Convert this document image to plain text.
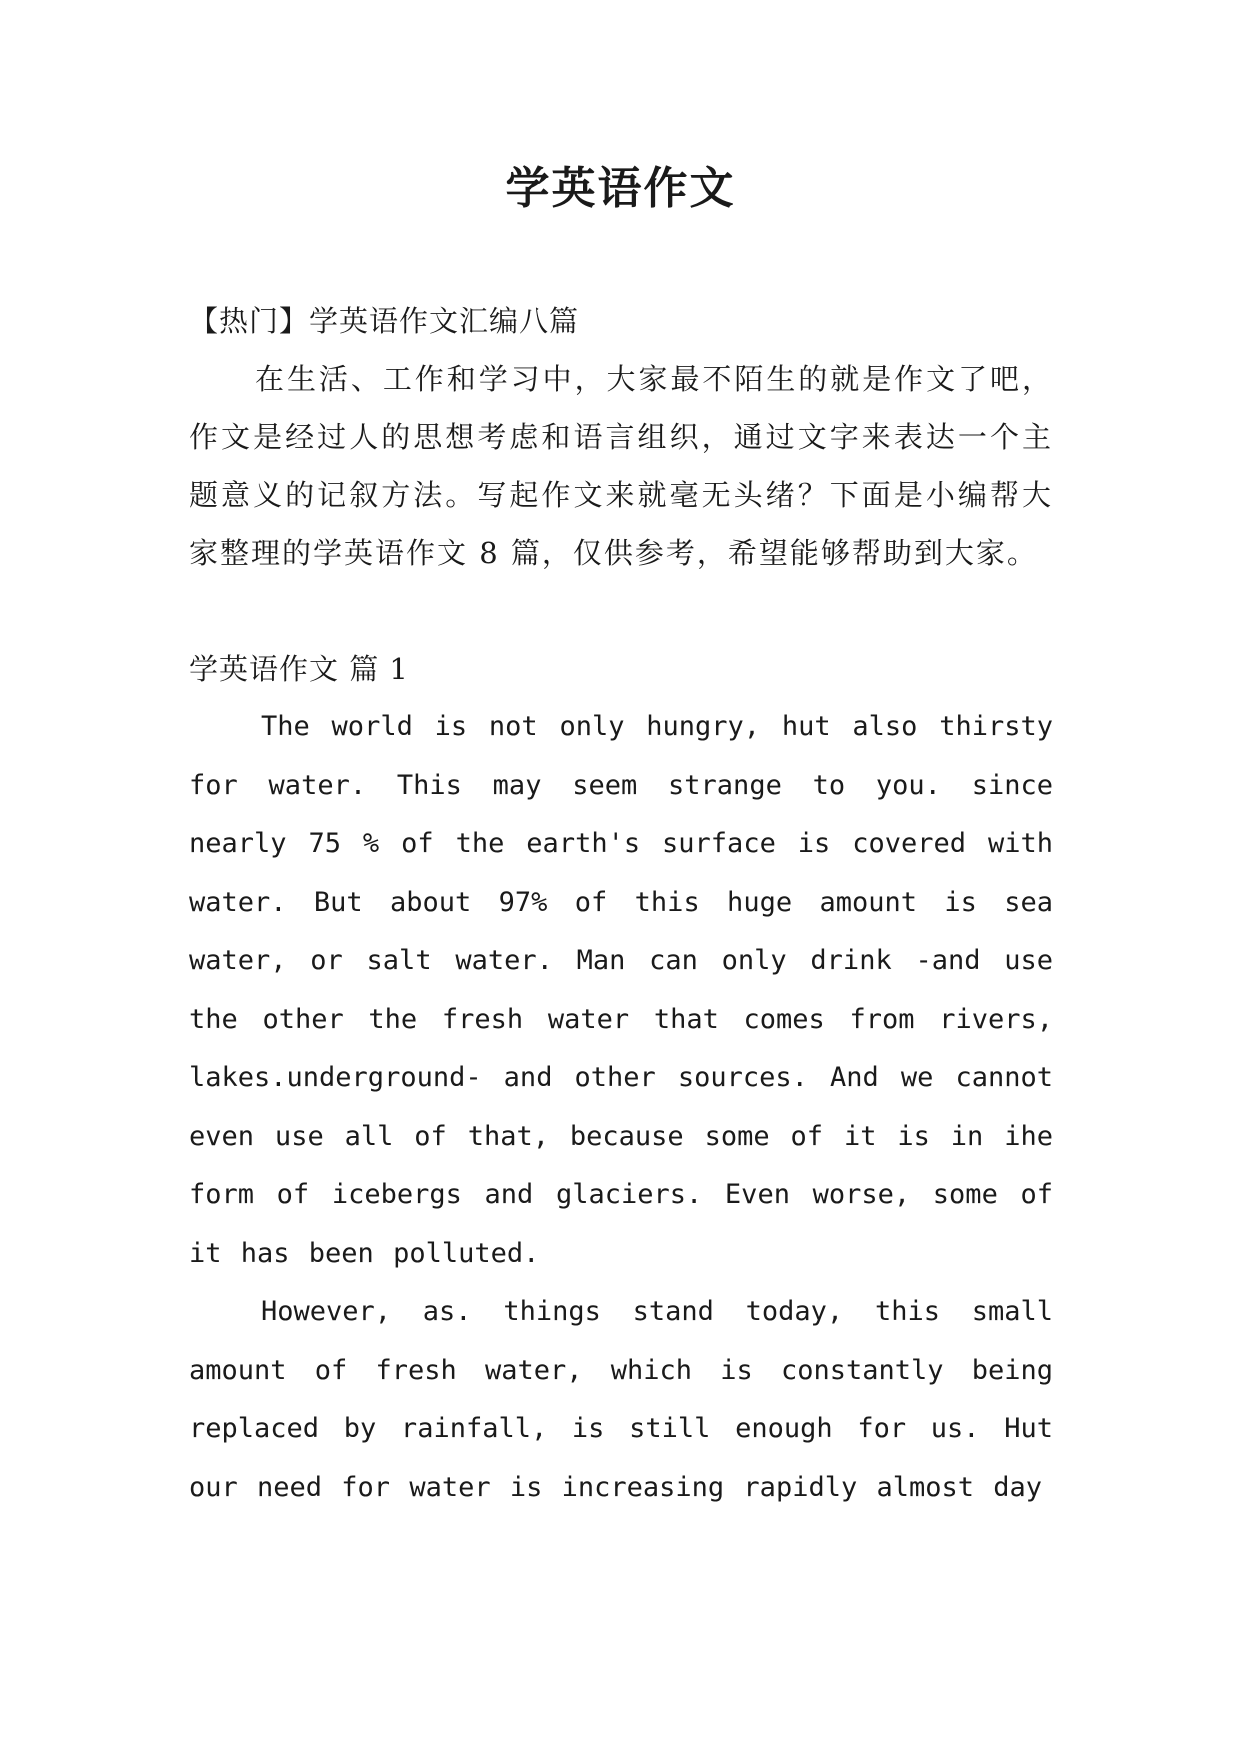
学英语作文
【热门】学英语作文汇编八篇
在生活、工作和学习中，大家最不陌生的就是作文了吧，作文是经过人的思想考虑和语言组织，通过文字来表达一个主题意义的记叙方法。写起作文来就毫无头绪？下面是小编帮大家整理的学英语作文 8 篇，仅供参考，希望能够帮助到大家。
学英语作文 篇 1
The world is not only hungry, hut also thirsty for water. This may seem strange to you. since nearly 75 % of the earth's surface is covered with water. But about 97% of this huge amount is sea water, or salt water. Man can only drink -and use the other the fresh water that comes from rivers, lakes.underground- and other sources. And we cannot even use all of that, because some of it is in ihe form of icebergs and glaciers. Even worse, some of it has been polluted.
However, as. things stand today, this small amount of fresh water, which is constantly being replaced by rainfall, is still enough for us. Hut our need for water is increasing rapidly almost day
